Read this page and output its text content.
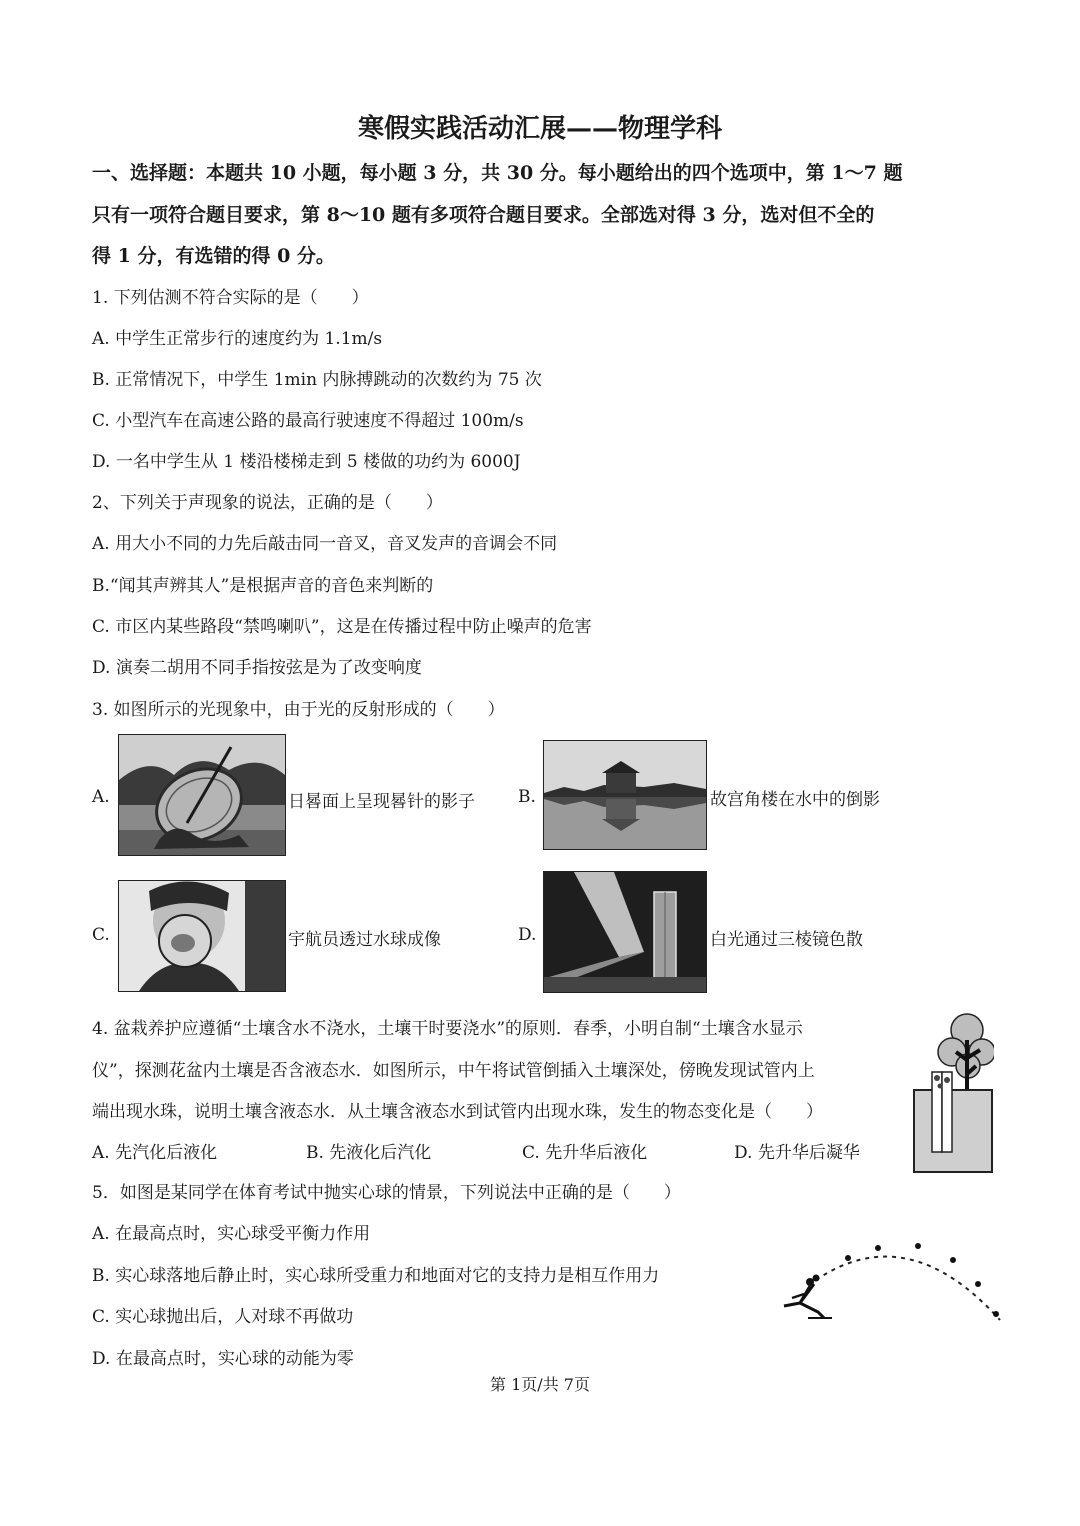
寒假实践活动汇展——物理学科
一、选择题：本题共 10 小题，每小题 3 分，共 30 分。每小题给出的四个选项中，第 1～7 题
只有一项符合题目要求，第 8～10 题有多项符合题目要求。全部选对得 3 分，选对但不全的
得 1 分，有选错的得 0 分。
1. 下列估测不符合实际的是（　　）
A. 中学生正常步行的速度约为 1.1m/s
B. 正常情况下，中学生 1min 内脉搏跳动的次数约为 75 次
C. 小型汽车在高速公路的最高行驶速度不得超过 100m/s
D. 一名中学生从 1 楼沿楼梯走到 5 楼做的功约为 6000J
2、下列关于声现象的说法，正确的是（　　）
A. 用大小不同的力先后敲击同一音叉，音叉发声的音调会不同
B.“闻其声辨其人”是根据声音的音色来判断的
C. 市区内某些路段“禁鸣喇叭”，这是在传播过程中防止噪声的危害
D. 演奏二胡用不同手指按弦是为了改变响度
3. 如图所示的光现象中，由于光的反射形成的（　　）
A.	日晷面上呈现晷针的影子	B.	故宫角楼在水中的倒影
C.	宇航员透过水球成像	D.	白光通过三棱镜色散
4. 盆栽养护应遵循“土壤含水不浇水，土壤干时要浇水”的原则．春季，小明自制“土壤含水显示
仪”，探测花盆内土壤是否含液态水．如图所示，中午将试管倒插入土壤深处，傍晚发现试管内上
端出现水珠，说明土壤含液态水．从土壤含液态水到试管内出现水珠，发生的物态变化是（　　）
A. 先汽化后液化	B. 先液化后汽化	C. 先升华后液化	D. 先升华后凝华
5．如图是某同学在体育考试中抛实心球的情景，下列说法中正确的是（　　）
A. 在最高点时，实心球受平衡力作用
B. 实心球落地后静止时，实心球所受重力和地面对它的支持力是相互作用力
C. 实心球抛出后，人对球不再做功
D. 在最高点时，实心球的动能为零
第 1页/共 7页
